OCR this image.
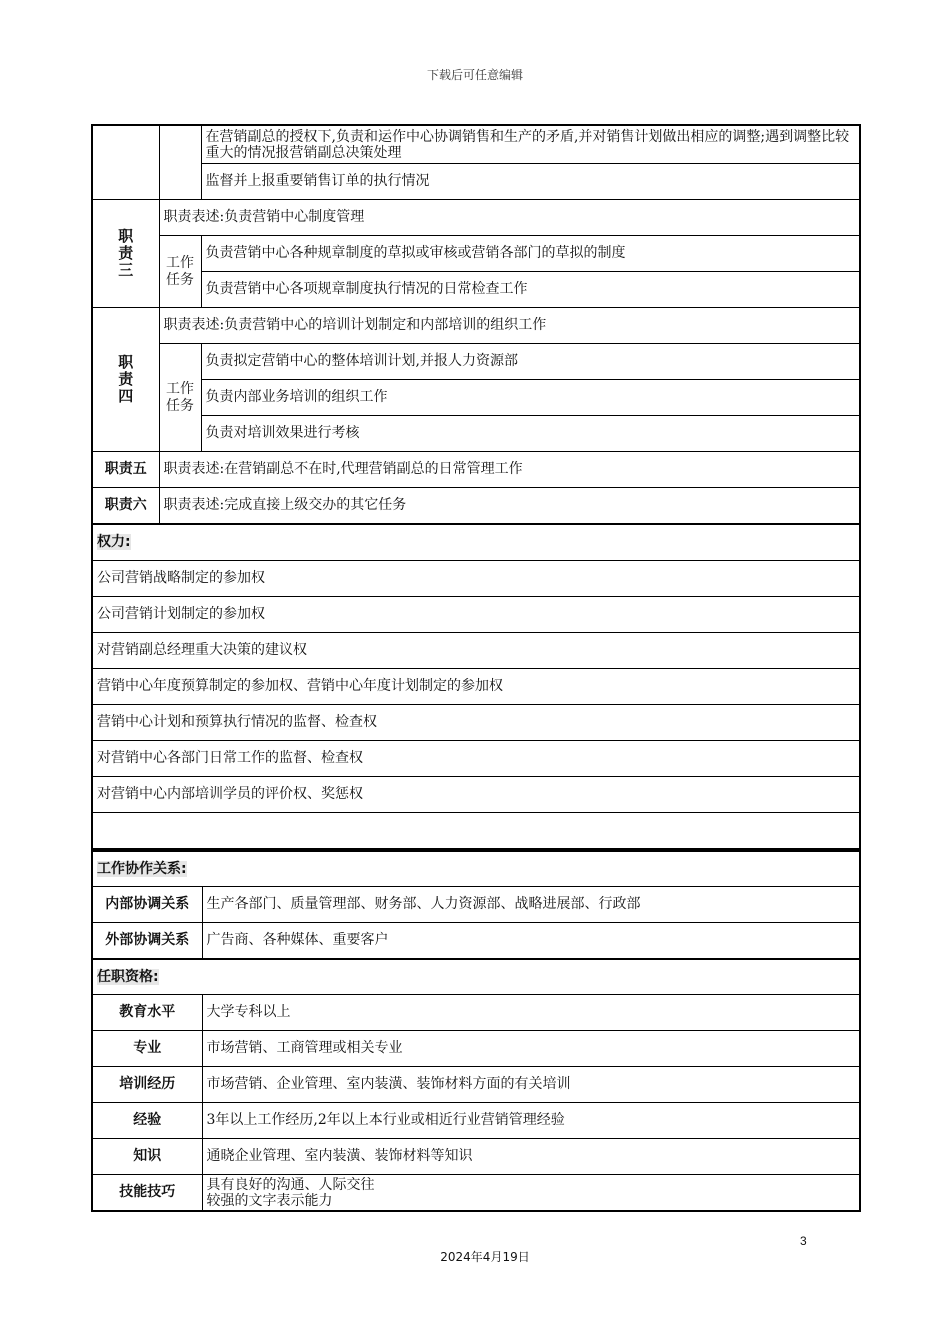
下载后可任意编辑
		在营销副总的授权下,负责和运作中心协调销售和生产的矛盾,并对销售计划做出相应的调整;遇到调整比较重大的情况报营销副总决策处理
		监督并上报重要销售订单的执行情况

职责三	职责表述:负责营销中心制度管理	

	工作任务	负责营销中心各种规章制度的草拟或审核或营销各部门的草拟的制度
		负责营销中心各项规章制度执行情况的日常检查工作

职责四	职责表述:负责营销中心的培训计划制定和内部培训的组织工作	

	工作任务	负责拟定营销中心的整体培训计划,并报人力资源部
		负责内部业务培训的组织工作
		负责对培训效果进行考核
职责五	职责表述:在营销副总不在时,代理营销副总的日常管理工作	
职责六	职责表述:完成直接上级交办的其它任务	
权力:		
公司营销战略制定的参加权		
公司营销计划制定的参加权		
对营销副总经理重大决策的建议权		
营销中心年度预算制定的参加权、营销中心年度计划制定的参加权		
营销中心计划和预算执行情况的监督、检查权		
对营销中心各部门日常工作的监督、检查权		
对营销中心内部培训学员的评价权、奖惩权		

工作协作关系:	
内部协调关系	生产各部门、质量管理部、财务部、人力资源部、战略进展部、行政部
外部协调关系	广告商、各种媒体、重要客户
任职资格:	
教育水平	大学专科以上
专业	市场营销、工商管理或相关专业
培训经历	市场营销、企业管理、室内装潢、装饰材料方面的有关培训
经验	3年以上工作经历,2年以上本行业或相近行业营销管理经验
知识	通晓企业管理、室内装潢、装饰材料等知识
技能技巧	具有良好的沟通、人际交往
较强的文字表示能力
3
2024年4月19日
